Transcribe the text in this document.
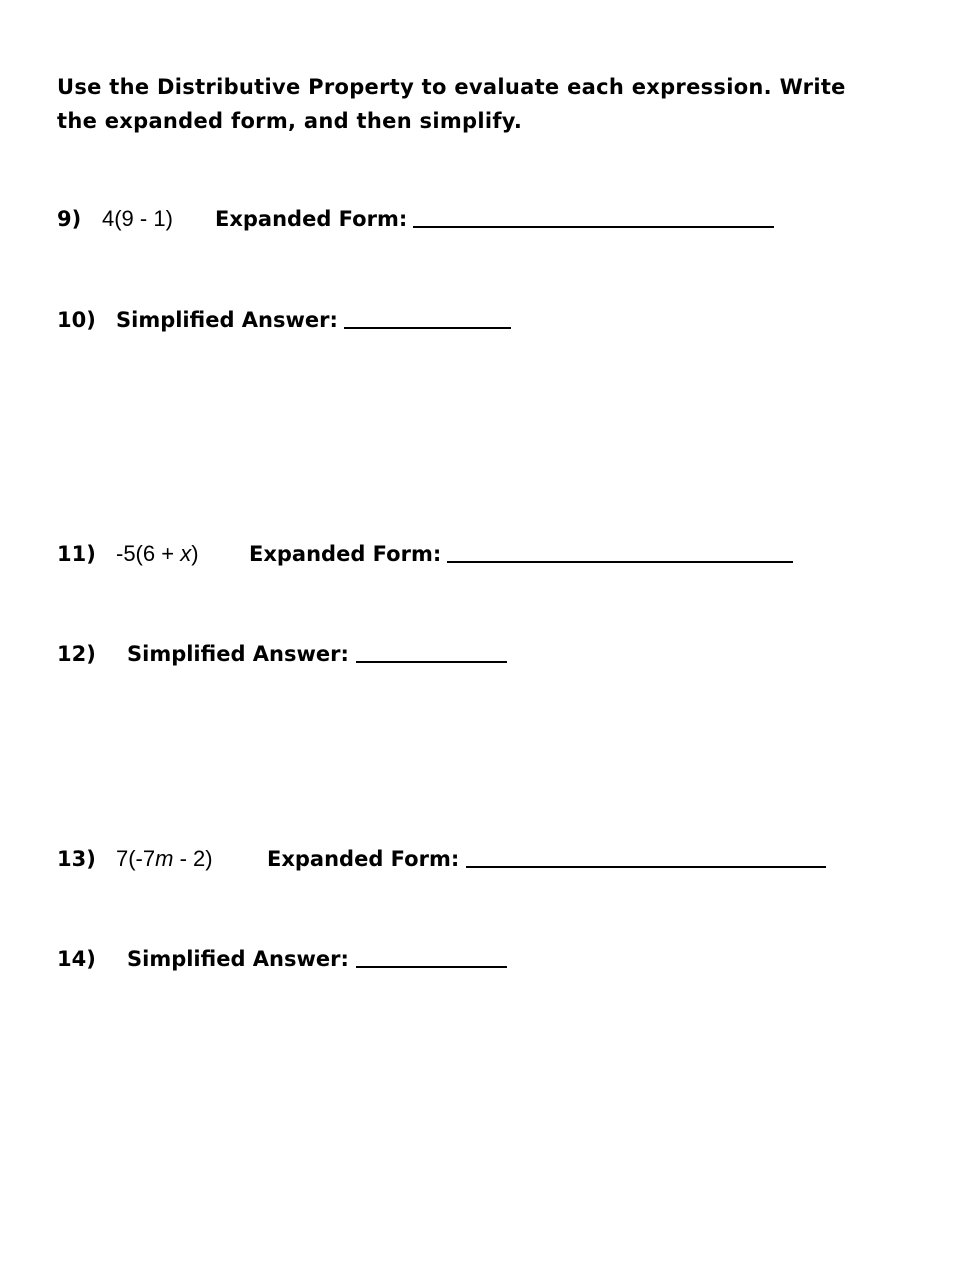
Use the Distributive Property to evaluate each expression. Write the expanded form, and then simplify.

9) 4(9 - 1) Expanded Form:
10) Simplified Answer:
11) -5(6 + x) Expanded Form:
12) Simplified Answer:
13) 7(-7m - 2)	Expanded Form:
14) Simplified Answer:
